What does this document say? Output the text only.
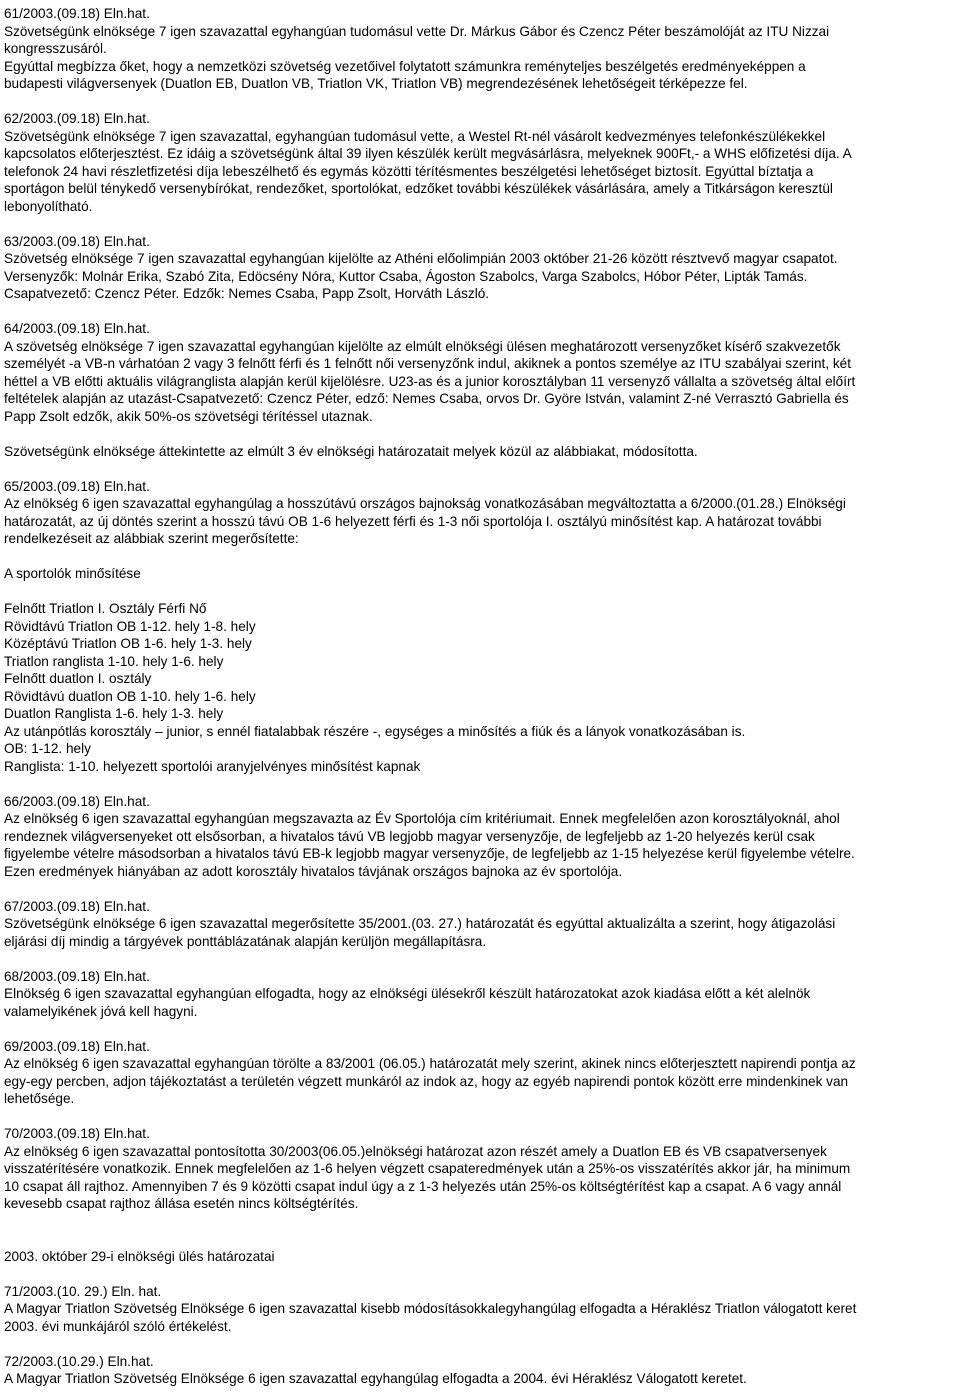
61/2003.(09.18) Eln.hat.
Szövetségünk elnöksége 7 igen szavazattal egyhangúan tudomásul vette Dr. Márkus Gábor és Czencz Péter beszámolóját az ITU Nizzai
kongresszusáról.
Egyúttal megbízza őket, hogy a nemzetközi szövetség vezetőivel folytatott számunkra reményteljes beszélgetés eredményeképpen a
budapesti világversenyek (Duatlon EB, Duatlon VB, Triatlon VK, Triatlon VB) megrendezésének lehetőségeit térképezze fel.
62/2003.(09.18) Eln.hat.
Szövetségünk elnöksége 7 igen szavazattal, egyhangúan tudomásul vette, a Westel Rt-nél vásárolt kedvezményes telefonkészülékekkel
kapcsolatos előterjesztést. Ez idáig a szövetségünk által 39 ilyen készülék került megvásárlásra, melyeknek 900Ft,- a WHS előfizetési díja. A
telefonok 24 havi részletfizetési díja lebeszélhető és egymás közötti térítésmentes beszélgetési lehetőséget biztosít. Egyúttal bíztatja a
sportágon belül ténykedő versenybírókat, rendezőket, sportolókat, edzőket további készülékek vásárlására, amely a Titkárságon keresztül
lebonyolítható.
63/2003.(09.18) Eln.hat.
Szövetség elnöksége 7 igen szavazattal egyhangúan kijelölte az Athéni előolimpián 2003 október 21-26 között résztvevő magyar csapatot.
Versenyzők: Molnár Erika, Szabó Zita, Edöcsény Nóra, Kuttor Csaba, Ágoston Szabolcs, Varga Szabolcs, Hóbor Péter, Lipták Tamás.
Csapatvezető: Czencz Péter. Edzők: Nemes Csaba, Papp Zsolt, Horváth László.
64/2003.(09.18) Eln.hat.
A szövetség elnöksége 7 igen szavazattal egyhangúan kijelölte az elmúlt elnökségi ülésen meghatározott versenyzőket kísérő szakvezetők
személyét -a VB-n várhatóan 2 vagy 3 felnőtt férfi és 1 felnőtt női versenyzőnk indul, akiknek a pontos személye az ITU szabályai szerint, két
héttel a VB előtti aktuális világranglista alapján kerül kijelölésre. U23-as és a junior korosztályban 11 versenyző vállalta a szövetség által előírt
feltételek alapján az utazást-Csapatvezető: Czencz Péter, edző: Nemes Csaba, orvos Dr. Györe István, valamint Z-né Verrasztó Gabriella és
Papp Zsolt edzők, akik 50%-os szövetségi térítéssel utaznak.
Szövetségünk elnöksége áttekintette az elmúlt 3 év elnökségi határozatait melyek közül az alábbiakat, módosította.
65/2003.(09.18) Eln.hat.
Az elnökség 6 igen szavazattal egyhangúlag a hosszútávú országos bajnokság vonatkozásában megváltoztatta a 6/2000.(01.28.) Elnökségi
határozatát, az új döntés szerint a hosszú távú OB 1-6 helyezett férfi és 1-3 női sportolója I. osztályú minősítést kap. A határozat további
rendelkezéseit az alábbiak szerint megerősítette:
A sportolók minősítése
Felnőtt Triatlon I. Osztály Férfi Nő
Rövidtávú Triatlon OB 1-12. hely 1-8. hely
Középtávú Triatlon OB 1-6. hely 1-3. hely
Triatlon ranglista 1-10. hely 1-6. hely
Felnőtt duatlon I. osztály
Rövidtávú duatlon OB 1-10. hely 1-6. hely
Duatlon Ranglista 1-6. hely 1-3. hely
Az utánpótlás korosztály – junior, s ennél fiatalabbak részére -, egységes a minősítés a fiúk és a lányok vonatkozásában is.
OB: 1-12. hely
Ranglista: 1-10. helyezett sportolói aranyjelvényes minősítést kapnak
66/2003.(09.18) Eln.hat.
Az elnökség 6 igen szavazattal egyhangúan megszavazta az Év Sportolója cím kritériumait. Ennek megfelelően azon korosztályoknál, ahol
rendeznek világversenyeket ott elsősorban, a hivatalos távú VB legjobb magyar versenyzője, de legfeljebb az 1-20 helyezés kerül csak
figyelembe vételre másodsorban a hivatalos távú EB-k legjobb magyar versenyzője, de legfeljebb az 1-15 helyezése kerül figyelembe vételre.
Ezen eredmények hiányában az adott korosztály hivatalos távjának országos bajnoka az év sportolója.
67/2003.(09.18) Eln.hat.
Szövetségünk elnöksége 6 igen szavazattal megerősítette 35/2001.(03. 27.) határozatát és egyúttal aktualizálta a szerint, hogy átigazolási
eljárási díj mindig a tárgyévek ponttáblázatának alapján kerüljön megállapításra.
68/2003.(09.18) Eln.hat.
Elnökség 6 igen szavazattal egyhangúan elfogadta, hogy az elnökségi ülésekről készült határozatokat azok kiadása előtt a két alelnök
valamelyikének jóvá kell hagyni.
69/2003.(09.18) Eln.hat.
Az elnökség 6 igen szavazattal egyhangúan törölte a 83/2001 (06.05.) határozatát mely szerint, akinek nincs előterjesztett napirendi pontja az
egy-egy percben, adjon tájékoztatást a területén végzett munkáról az indok az, hogy az egyéb napirendi pontok között erre mindenkinek van
lehetősége.
70/2003.(09.18) Eln.hat.
Az elnökség 6 igen szavazattal pontosította 30/2003(06.05.)elnökségi határozat azon részét amely a Duatlon EB és VB csapatversenyek
visszatérítésére vonatkozik. Ennek megfelelően az 1-6 helyen végzett csapateredmények után a 25%-os visszatérítés akkor jár, ha minimum
10 csapat áll rajthoz. Amennyiben 7 és 9 közötti csapat indul úgy a z 1-3 helyezés után 25%-os költségtérítést kap a csapat. A 6 vagy annál
kevesebb csapat rajthoz állása esetén nincs költségtérítés.
2003. október 29-i elnökségi ülés határozatai
71/2003.(10. 29.) Eln. hat.
A Magyar Triatlon Szövetség Elnöksége 6 igen szavazattal kisebb módosításokkalegyhangúlag elfogadta a Héraklész Triatlon válogatott keret
2003. évi munkájáról szóló értékelést.
72/2003.(10.29.) Eln.hat.
A Magyar Triatlon Szövetség Elnöksége 6 igen szavazattal egyhangúlag elfogadta a 2004. évi Héraklész Válogatott keretet.
